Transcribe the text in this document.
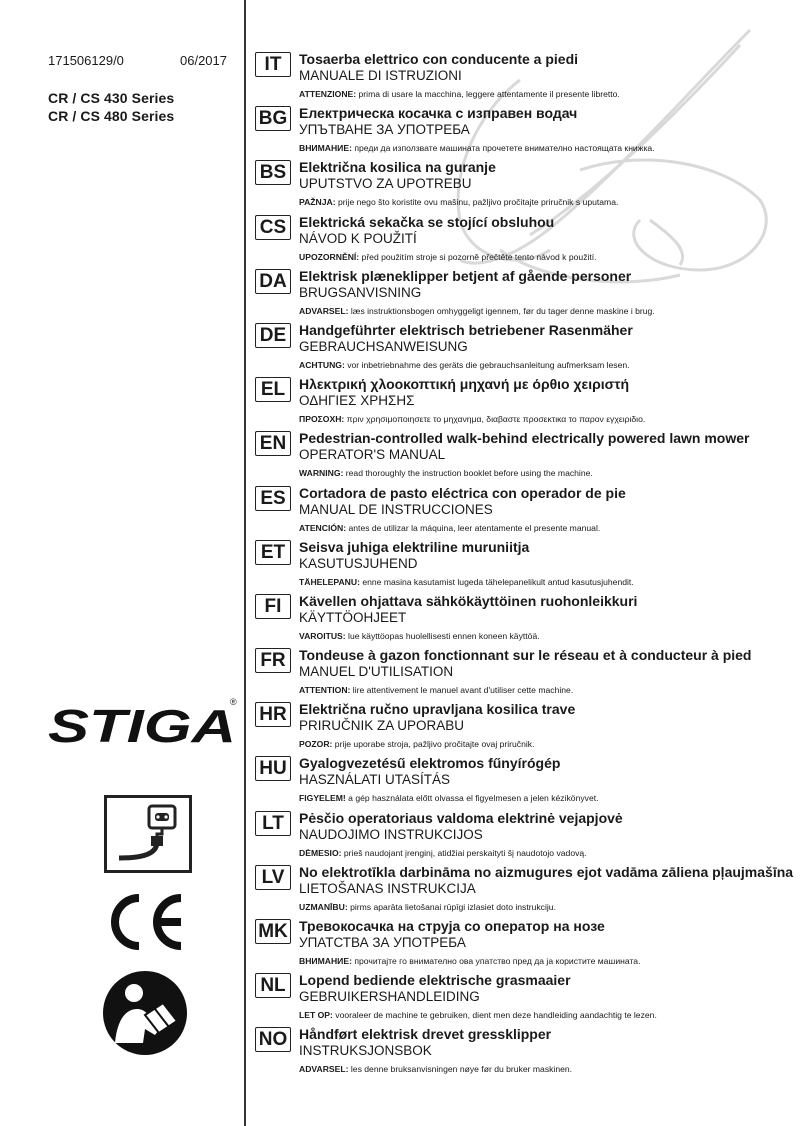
171506129/0	06/2017
CR / CS 430 Series
CR / CS 480 Series
STIGA
®
IT	Tosaerba elettrico con conducente a piedi
MANUALE DI ISTRUZIONI
ATTENZIONE: prima di usare la macchina, leggere attentamente il presente libretto.
BG Електрическа косачка с изправен водач
УПЪТВАНЕ ЗА УПОТРЕБА
ВНИМАНИЕ: преди да използвате машината прочетете внимателно настоящата книжка.
BS Električna kosilica na guranje
UPUTSTVO ZA UPOTREBU
PAŽNJA: prije nego što koristite ovu mašinu, pažljivo pročitajte priručnik s uputama.
CS Elektrická sekačka se stojící obsluhou
NÁVOD K POUŽITÍ
UPOZORNĚNÍ: před použitím stroje si pozorně přečtěte tento návod k použití.
DA Elektrisk plæneklipper betjent af gående personer
BRUGSANVISNING
ADVARSEL: læs instruktionsbogen omhyggeligt igennem, før du tager denne maskine i brug.
DE Handgeführter elektrisch betriebener Rasenmäher
GEBRAUCHSANWEISUNG
ACHTUNG: vor inbetriebnahme des geräts die gebrauchsanleitung aufmerksam lesen.
EL Ηλεκτρική χλοοκοπτική μηχανή με όρθιο χειριστή
ΟΔΗΓΙΕΣ ΧΡΗΣΗΣ
ΠΡΟΣΟΧΗ: πριν χρησιμοποιησετε το μηχανημα, διαβαστε προσεκτικα το παρον εγχειριδιο.
EN Pedestrian-controlled walk-behind electrically powered lawn mower
OPERATOR'S MANUAL
WARNING: read thoroughly the instruction booklet before using the machine.
ES Cortadora de pasto eléctrica con operador de pie
MANUAL DE INSTRUCCIONES
ATENCIÓN: antes de utilizar la máquina, leer atentamente el presente manual.
ET Seisva juhiga elektriline muruniitja
KASUTUSJUHEND
TÄHELEPANU: enne masina kasutamist lugeda tähelepanelikult antud kasutusjuhendit.
FI	Kävellen ohjattava sähkökäyttöinen ruohonleikkuri
KÄYTTÖOHJEET
VAROITUS: lue käyttöopas huolellisesti ennen koneen käyttöä.
FR Tondeuse à gazon fonctionnant sur le réseau et à conducteur à pied
MANUEL D'UTILISATION
ATTENTION: lire attentivement le manuel avant d'utiliser cette machine.
HR Električna ručno upravljana kosilica trave
PRIRUČNIK ZA UPORABU
POZOR: prije uporabe stroja, pažljivo pročitajte ovaj priručnik.
HU Gyalogvezetésű elektromos fűnyírógép
HASZNÁLATI UTASÍTÁS
FIGYELEM! a gép használata előtt olvassa el figyelmesen a jelen kézikönyvet.
LT	Pėsčio operatoriaus valdoma elektrinė vejapjovė
NAUDOJIMO INSTRUKCIJOS
DĖMESIO: prieš naudojant įrenginį, atidžiai perskaityti šį naudotojo vadovą.
LV	No elektrotīkla darbināma no aizmugures ejot vadāma zāliena pļaujmašīna
LIETOŠANAS INSTRUKCIJA
UZMANĪBU: pirms aparāta lietošanai rūpīgi izlasiet doto instrukciju.
MK Тревокосачка на струја со оператор на нозе
УПАТСТВА ЗА УПОТРЕБА
ВНИМАНИЕ: прочитајте го внимателно ова упатство пред да ја користите машината.
NL Lopend bediende elektrische grasmaaier
GEBRUIKERSHANDLEIDING
LET OP: vooraleer de machine te gebruiken, dient men deze handleiding aandachtig te lezen.
NO Håndført elektrisk drevet gressklipper
INSTRUKSJONSBOK
ADVARSEL: les denne bruksanvisningen nøye før du bruker maskinen.
